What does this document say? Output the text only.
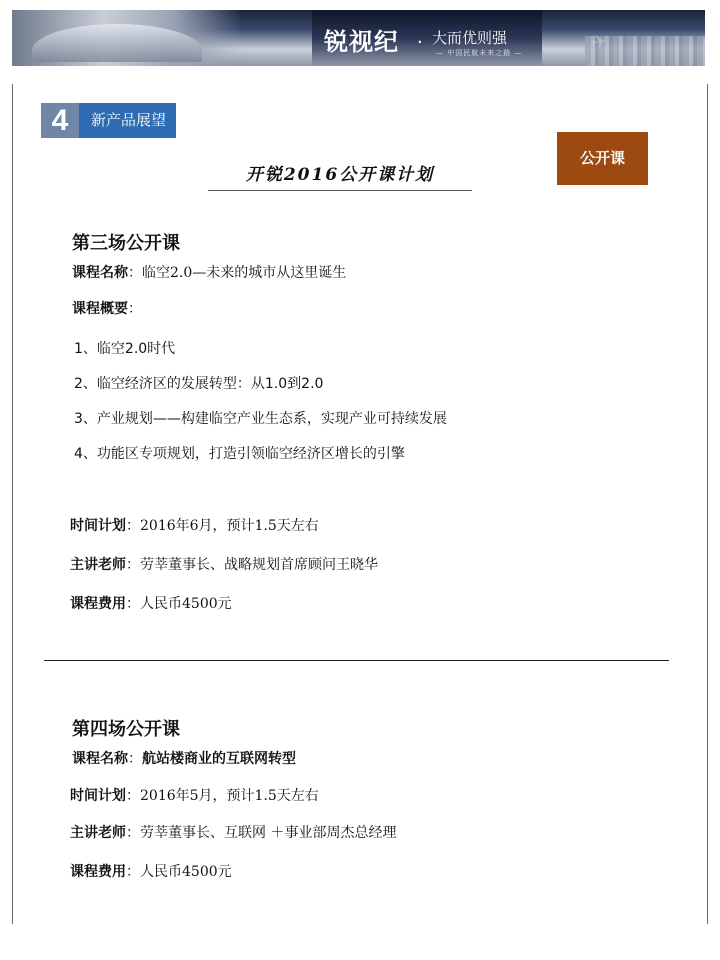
锐视纪 · 大而优则强
— 中国民航未来之路 —
4	新产品展望
公开课
开锐2016公开课计划
第三场公开课
课程名称：临空2.0—未来的城市从这里诞生
课程概要：
1、临空2.0时代
2、临空经济区的发展转型：从1.0到2.0
3、产业规划——构建临空产业生态系，实现产业可持续发展
4、功能区专项规划，打造引领临空经济区增长的引擎
时间计划：2016年6月，预计1.5天左右
主讲老师：劳莘董事长、战略规划首席顾问王晓华
课程费用：人民币4500元
第四场公开课
课程名称：航站楼商业的互联网转型
时间计划：2016年5月，预计1.5天左右
主讲老师：劳莘董事长、互联网 ＋事业部周杰总经理
课程费用：人民币4500元
